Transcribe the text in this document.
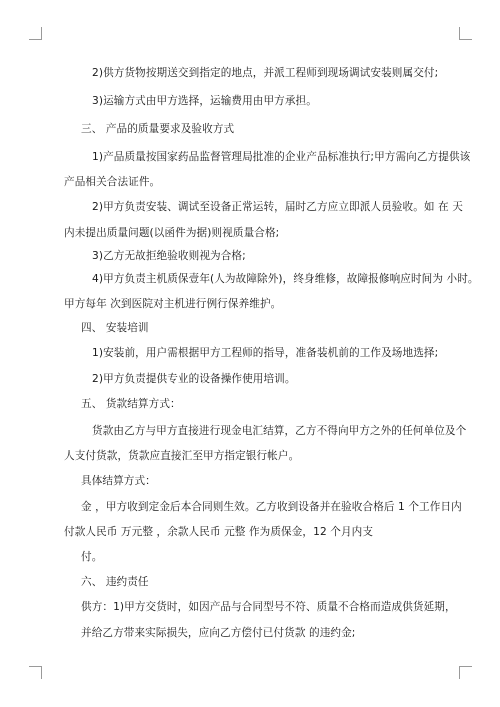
2)供方货物按期送交到指定的地点，并派工程师到现场调试安装则属交付;
3)运输方式由甲方选择，运输费用由甲方承担。
三、 产品的质量要求及验收方式
1)产品质量按国家药品监督管理局批准的企业产品标准执行;甲方需向乙方提供该
产品相关合法证件。
2)甲方负责安装、调试至设备正常运转，届时乙方应立即派人员验收。如 在 天
内未提出质量问题(以函件为据)则视质量合格;
3)乙方无故拒绝验收则视为合格;
4)甲方负责主机质保壹年(人为故障除外)，终身维修，故障报修响应时间为 小时。
甲方每年 次到医院对主机进行例行保养维护。
四、 安装培训
1)安装前，用户需根据甲方工程师的指导，准备装机前的工作及场地选择;
2)甲方负责提供专业的设备操作使用培训。
五、 货款结算方式：
货款由乙方与甲方直接进行现金电汇结算，乙方不得向甲方之外的任何单位及个
人支付货款，货款应直接汇至甲方指定银行帐户。
具体结算方式：
金 ，甲方收到定金后本合同则生效。乙方收到设备并在验收合格后 1 个工作日内
付款人民币 万元整 ，余款人民币 元整 作为质保金，12 个月内支
付。
六、 违约责任
供方：1)甲方交货时，如因产品与合同型号不符、质量不合格而造成供货延期，
并给乙方带来实际损失，应向乙方偿付已付货款 的违约金;
